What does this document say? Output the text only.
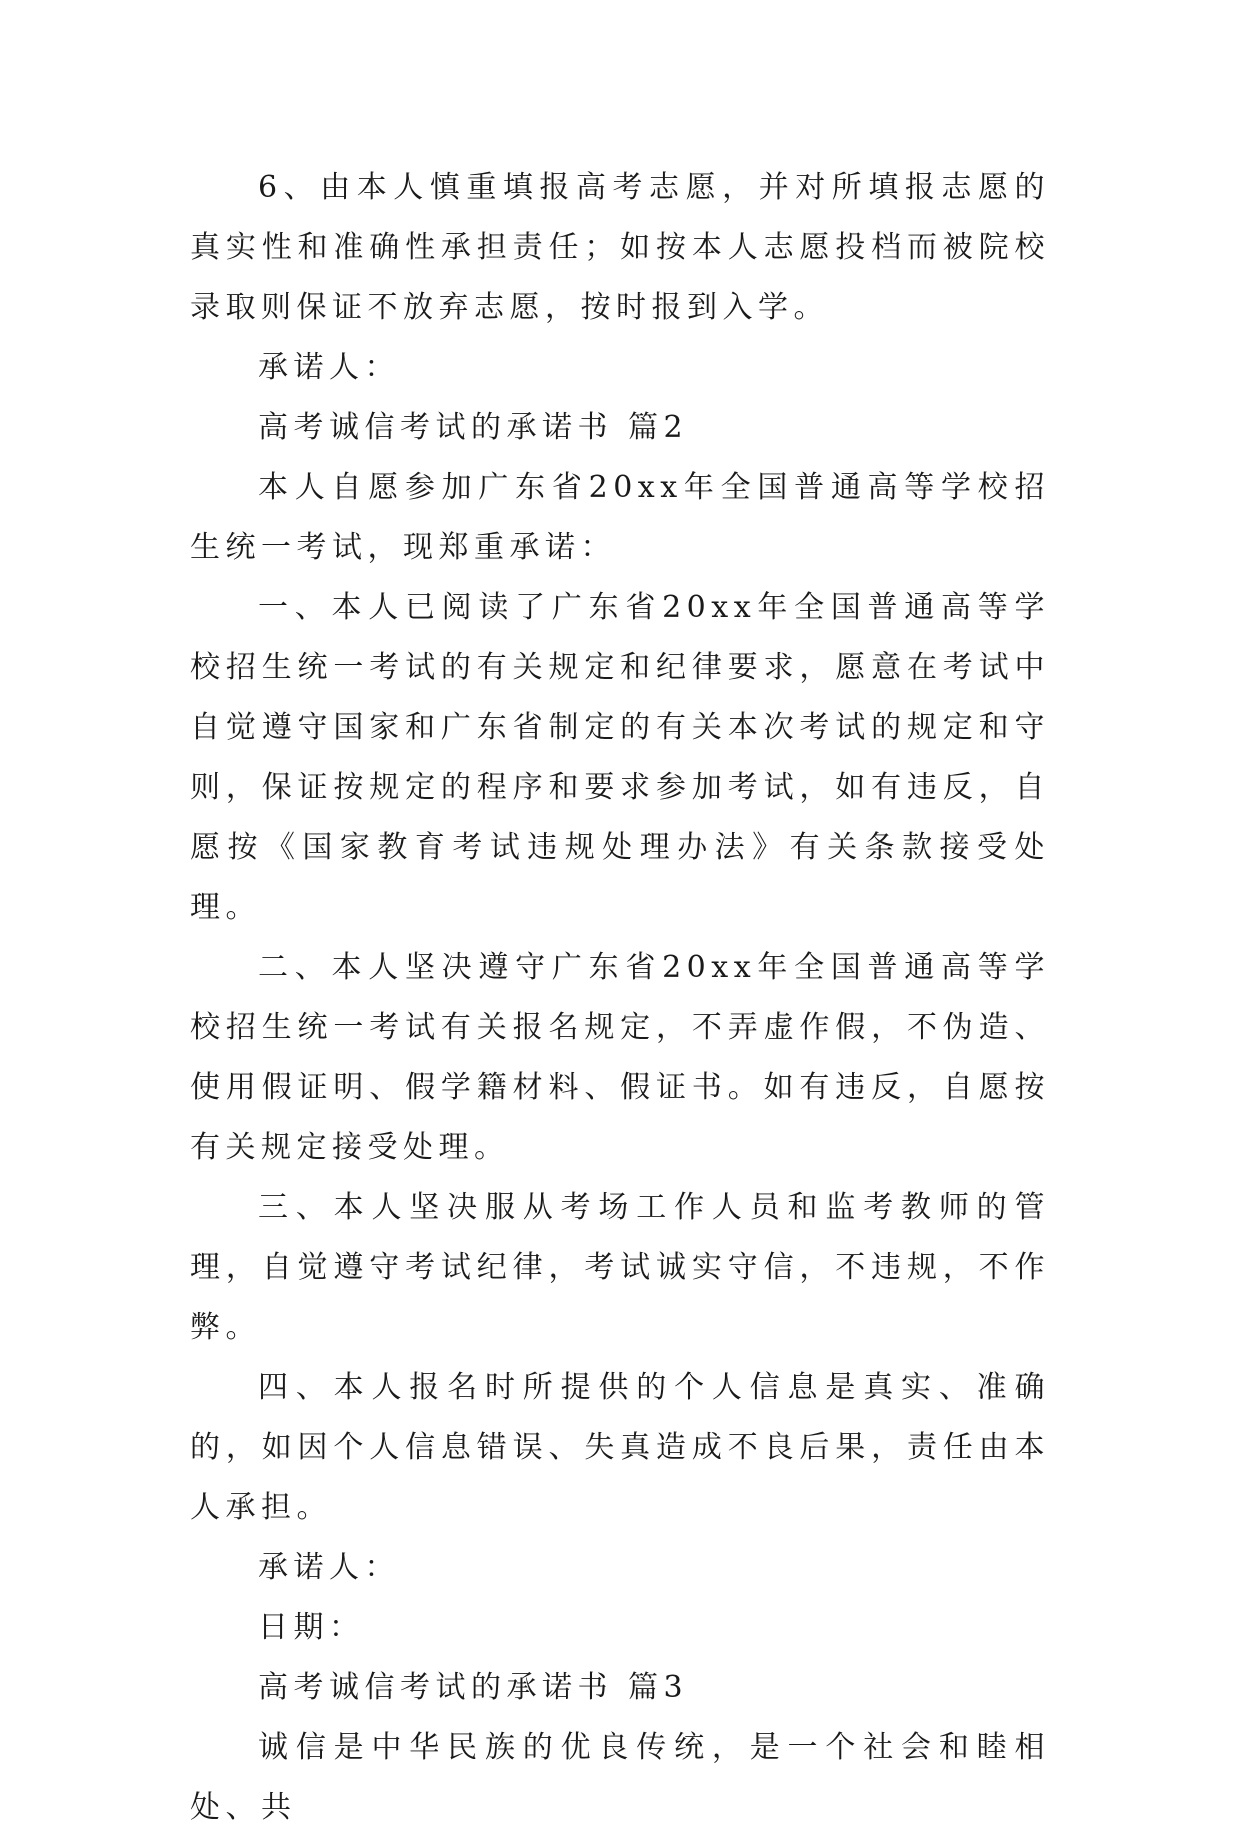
6、由本人慎重填报高考志愿，并对所填报志愿的真实性和准确性承担责任；如按本人志愿投档而被院校录取则保证不放弃志愿，按时报到入学。

承诺人：

高考诚信考试的承诺书 篇2

本人自愿参加广东省20xx年全国普通高等学校招生统一考试，现郑重承诺：

一、本人已阅读了广东省20xx年全国普通高等学校招生统一考试的有关规定和纪律要求，愿意在考试中自觉遵守国家和广东省制定的有关本次考试的规定和守则，保证按规定的程序和要求参加考试，如有违反，自愿按《国家教育考试违规处理办法》有关条款接受处理。

二、本人坚决遵守广东省20xx年全国普通高等学校招生统一考试有关报名规定，不弄虚作假，不伪造、使用假证明、假学籍材料、假证书。如有违反，自愿按有关规定接受处理。

三、本人坚决服从考场工作人员和监考教师的管理，自觉遵守考试纪律，考试诚实守信，不违规，不作弊。

四、本人报名时所提供的个人信息是真实、准确的，如因个人信息错误、失真造成不良后果，责任由本人承担。

承诺人：

日期：

高考诚信考试的承诺书 篇3

诚信是中华民族的优良传统，是一个社会和睦相处、共
